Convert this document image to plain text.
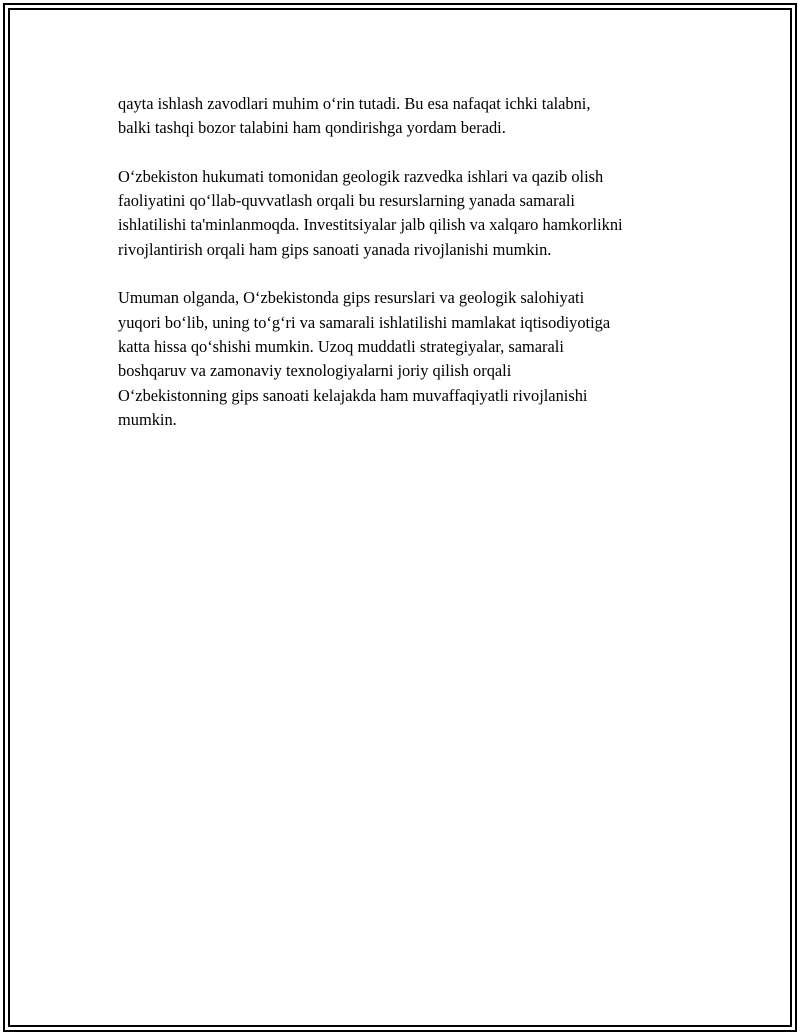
qayta ishlash zavodlari muhim oʻrin tutadi. Bu esa nafaqat ichki talabni,
balki tashqi bozor talabini ham qondirishga yordam beradi.

Oʻzbekiston hukumati tomonidan geologik razvedka ishlari va qazib olish
faoliyatini qoʻllab-quvvatlash orqali bu resurslarning yanada samarali
ishlatilishi ta'minlanmoqda. Investitsiyalar jalb qilish va xalqaro hamkorlikni
rivojlantirish orqali ham gips sanoati yanada rivojlanishi mumkin.

Umuman olganda, Oʻzbekistonda gips resurslari va geologik salohiyati
yuqori boʻlib, uning toʻgʻri va samarali ishlatilishi mamlakat iqtisodiyotiga
katta hissa qoʻshishi mumkin. Uzoq muddatli strategiyalar, samarali
boshqaruv va zamonaviy texnologiyalarni joriy qilish orqali
Oʻzbekistonning gips sanoati kelajakda ham muvaffaqiyatli rivojlanishi
mumkin.
